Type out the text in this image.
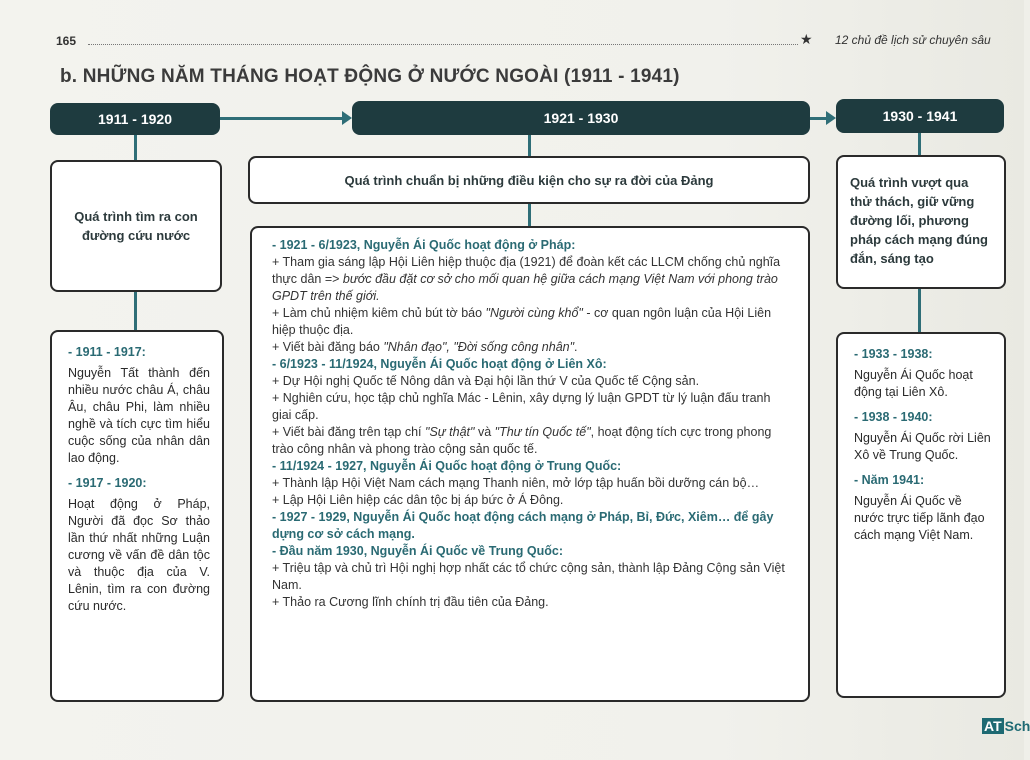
165	★ 12 chủ đề lịch sử chuyên sâu
b. NHỮNG NĂM THÁNG HOẠT ĐỘNG Ở NƯỚC NGOÀI (1911 - 1941)
1911 - 1920	1921 - 1930	1930 - 1941
Quá trình tìm ra con đường cứu nước
- 1911 - 1917:
Nguyễn Tất thành đến nhiều nước châu Á, châu Âu, châu Phi, làm nhiều nghề và tích cực tìm hiểu cuộc sống của nhân dân lao động.
- 1917 - 1920:
Hoạt động ở Pháp, Người đã đọc Sơ thảo lần thứ nhất những Luận cương về vấn đề dân tộc và thuộc địa của V. Lênin, tìm ra con đường cứu nước.
Quá trình chuẩn bị những điều kiện cho sự ra đời của Đảng
- 1921 - 6/1923, Nguyễn Ái Quốc hoạt động ở Pháp:
+ Tham gia sáng lập Hội Liên hiệp thuộc địa (1921) để đoàn kết các LLCM chống chủ nghĩa thực dân => bước đầu đặt cơ sở cho mối quan hệ giữa cách mạng Việt Nam với phong trào GPDT trên thế giới.
+ Làm chủ nhiệm kiêm chủ bút tờ báo "Người cùng khổ" - cơ quan ngôn luận của Hội Liên hiệp thuộc địa.
+ Viết bài đăng báo "Nhân đạo", "Đời sống công nhân".
- 6/1923 - 11/1924, Nguyễn Ái Quốc hoạt động ở Liên Xô:
+ Dự Hội nghị Quốc tế Nông dân và Đại hội lần thứ V của Quốc tế Cộng sản.
+ Nghiên cứu, học tập chủ nghĩa Mác - Lênin, xây dựng lý luận GPDT từ lý luận đấu tranh giai cấp.
+ Viết bài đăng trên tạp chí "Sự thật" và "Thư tín Quốc tế", hoạt động tích cực trong phong trào công nhân và phong trào cộng sản quốc tế.
- 11/1924 - 1927, Nguyễn Ái Quốc hoạt động ở Trung Quốc:
+ Thành lập Hội Việt Nam cách mạng Thanh niên, mở lớp tập huấn bồi dưỡng cán bộ…
+ Lập Hội Liên hiệp các dân tộc bị áp bức ở Á Đông.
- 1927 - 1929, Nguyễn Ái Quốc hoạt động cách mạng ở Pháp, Bỉ, Đức, Xiêm… để gây dựng cơ sở cách mạng.
- Đầu năm 1930, Nguyễn Ái Quốc về Trung Quốc:
+ Triệu tập và chủ trì Hội nghị hợp nhất các tổ chức cộng sản, thành lập Đảng Cộng sản Việt Nam.
+ Thảo ra Cương lĩnh chính trị đầu tiên của Đảng.
Quá trình vượt qua thử thách, giữ vững đường lối, phương pháp cách mạng đúng đắn, sáng tạo
- 1933 - 1938:
Nguyễn Ái Quốc hoạt động tại Liên Xô.
- 1938 - 1940:
Nguyễn Ái Quốc rời Liên Xô về Trung Quốc.
- Năm 1941:
Nguyễn Ái Quốc về nước trực tiếp lãnh đạo cách mạng Việt Nam.
AT Sch
